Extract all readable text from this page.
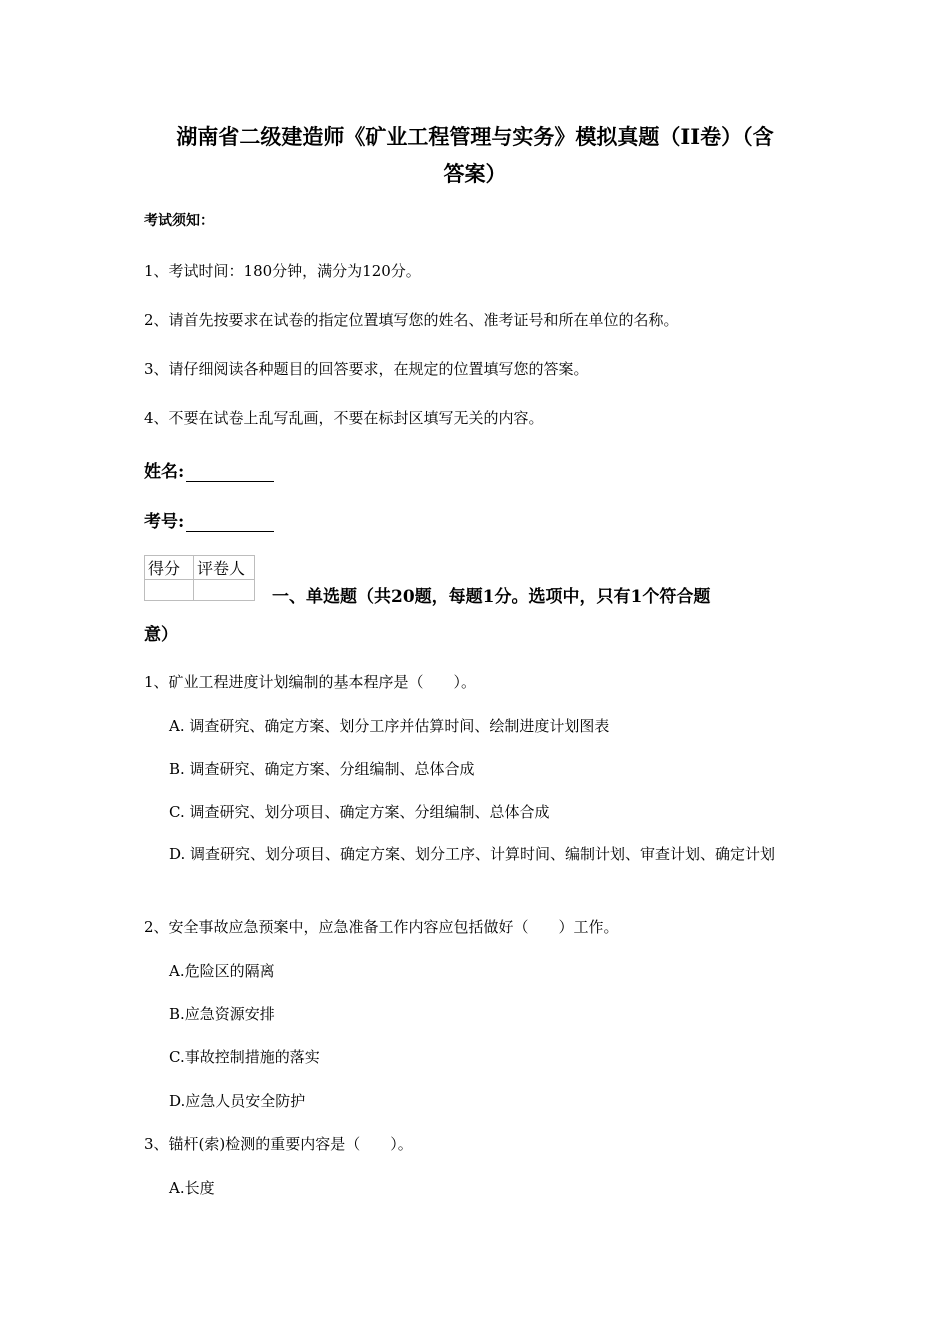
湖南省二级建造师《矿业工程管理与实务》模拟真题（II卷）（含
答案）
考试须知：
1、考试时间：180分钟，满分为120分。
2、请首先按要求在试卷的指定位置填写您的姓名、准考证号和所在单位的名称。
3、请仔细阅读各种题目的回答要求，在规定的位置填写您的答案。
4、不要在试卷上乱写乱画，不要在标封区填写无关的内容。
姓名:
考号:
得分	评卷人

一、单选题（共20题，每题1分。选项中，只有1个符合题
意）
1、矿业工程进度计划编制的基本程序是（　　）。
A. 调查研究、确定方案、划分工序并估算时间、绘制进度计划图表
B. 调查研究、确定方案、分组编制、总体合成
C. 调查研究、划分项目、确定方案、分组编制、总体合成
D. 调查研究、划分项目、确定方案、划分工序、计算时间、编制计划、审查计划、确定计划
2、安全事故应急预案中，应急准备工作内容应包括做好（　　）工作。
A.危险区的隔离
B.应急资源安排
C.事故控制措施的落实
D.应急人员安全防护
3、锚杆(索)检测的重要内容是（　　）。
A.长度
